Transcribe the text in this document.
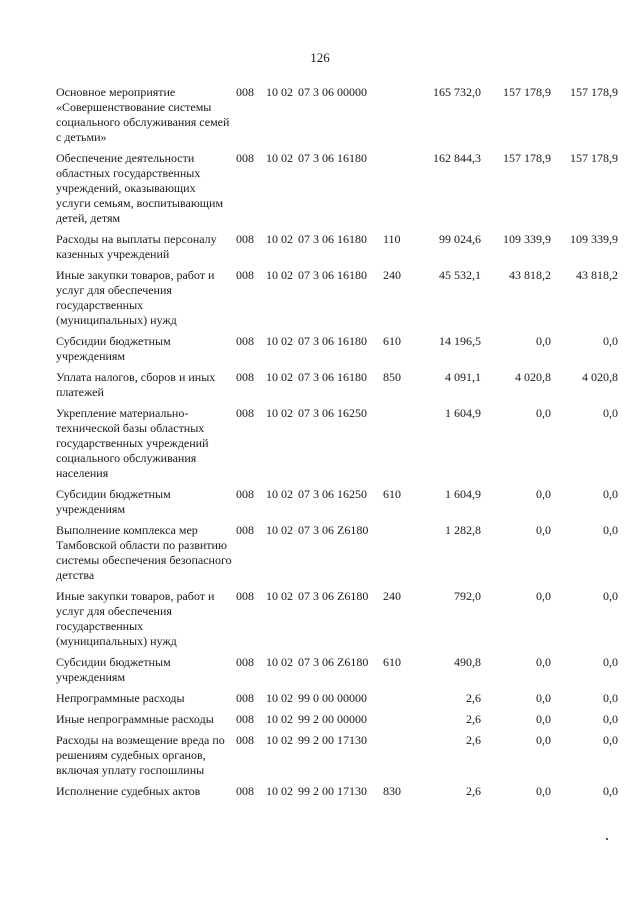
126
Основное мероприятие «Совершенствование системы социального обслуживания семей с детьми»	008	10 02	07 3 06 00000		165 732,0	157 178,9	157 178,9
Обеспечение деятельности областных государственных учреждений, оказывающих услуги семьям, воспитывающим детей, детям	008	10 02	07 3 06 16180		162 844,3	157 178,9	157 178,9
Расходы на выплаты персоналу казенных учреждений	008	10 02	07 3 06 16180	110	99 024,6	109 339,9	109 339,9
Иные закупки товаров, работ и услуг для обеспечения государственных (муниципальных) нужд	008	10 02	07 3 06 16180	240	45 532,1	43 818,2	43 818,2
Субсидии бюджетным учреждениям	008	10 02	07 3 06 16180	610	14 196,5	0,0	0,0
Уплата налогов, сборов и иных платежей	008	10 02	07 3 06 16180	850	4 091,1	4 020,8	4 020,8
Укрепление материально-технической базы областных государственных учреждений социального обслуживания населения	008	10 02	07 3 06 16250		1 604,9	0,0	0,0
Субсидии бюджетным учреждениям	008	10 02	07 3 06 16250	610	1 604,9	0,0	0,0
Выполнение комплекса мер Тамбовской области по развитию системы обеспечения безопасного детства	008	10 02	07 3 06 Z6180		1 282,8	0,0	0,0
Иные закупки товаров, работ и услуг для обеспечения государственных (муниципальных) нужд	008	10 02	07 3 06 Z6180	240	792,0	0,0	0,0
Субсидии бюджетным учреждениям	008	10 02	07 3 06 Z6180	610	490,8	0,0	0,0
Непрограммные расходы	008	10 02	99 0 00 00000		2,6	0,0	0,0
Иные непрограммные расходы	008	10 02	99 2 00 00000		2,6	0,0	0,0
Расходы на возмещение вреда по решениям судебных органов, включая уплату госпошлины	008	10 02	99 2 00 17130		2,6	0,0	0,0
Исполнение судебных актов	008	10 02	99 2 00 17130	830	2,6	0,0	0,0
